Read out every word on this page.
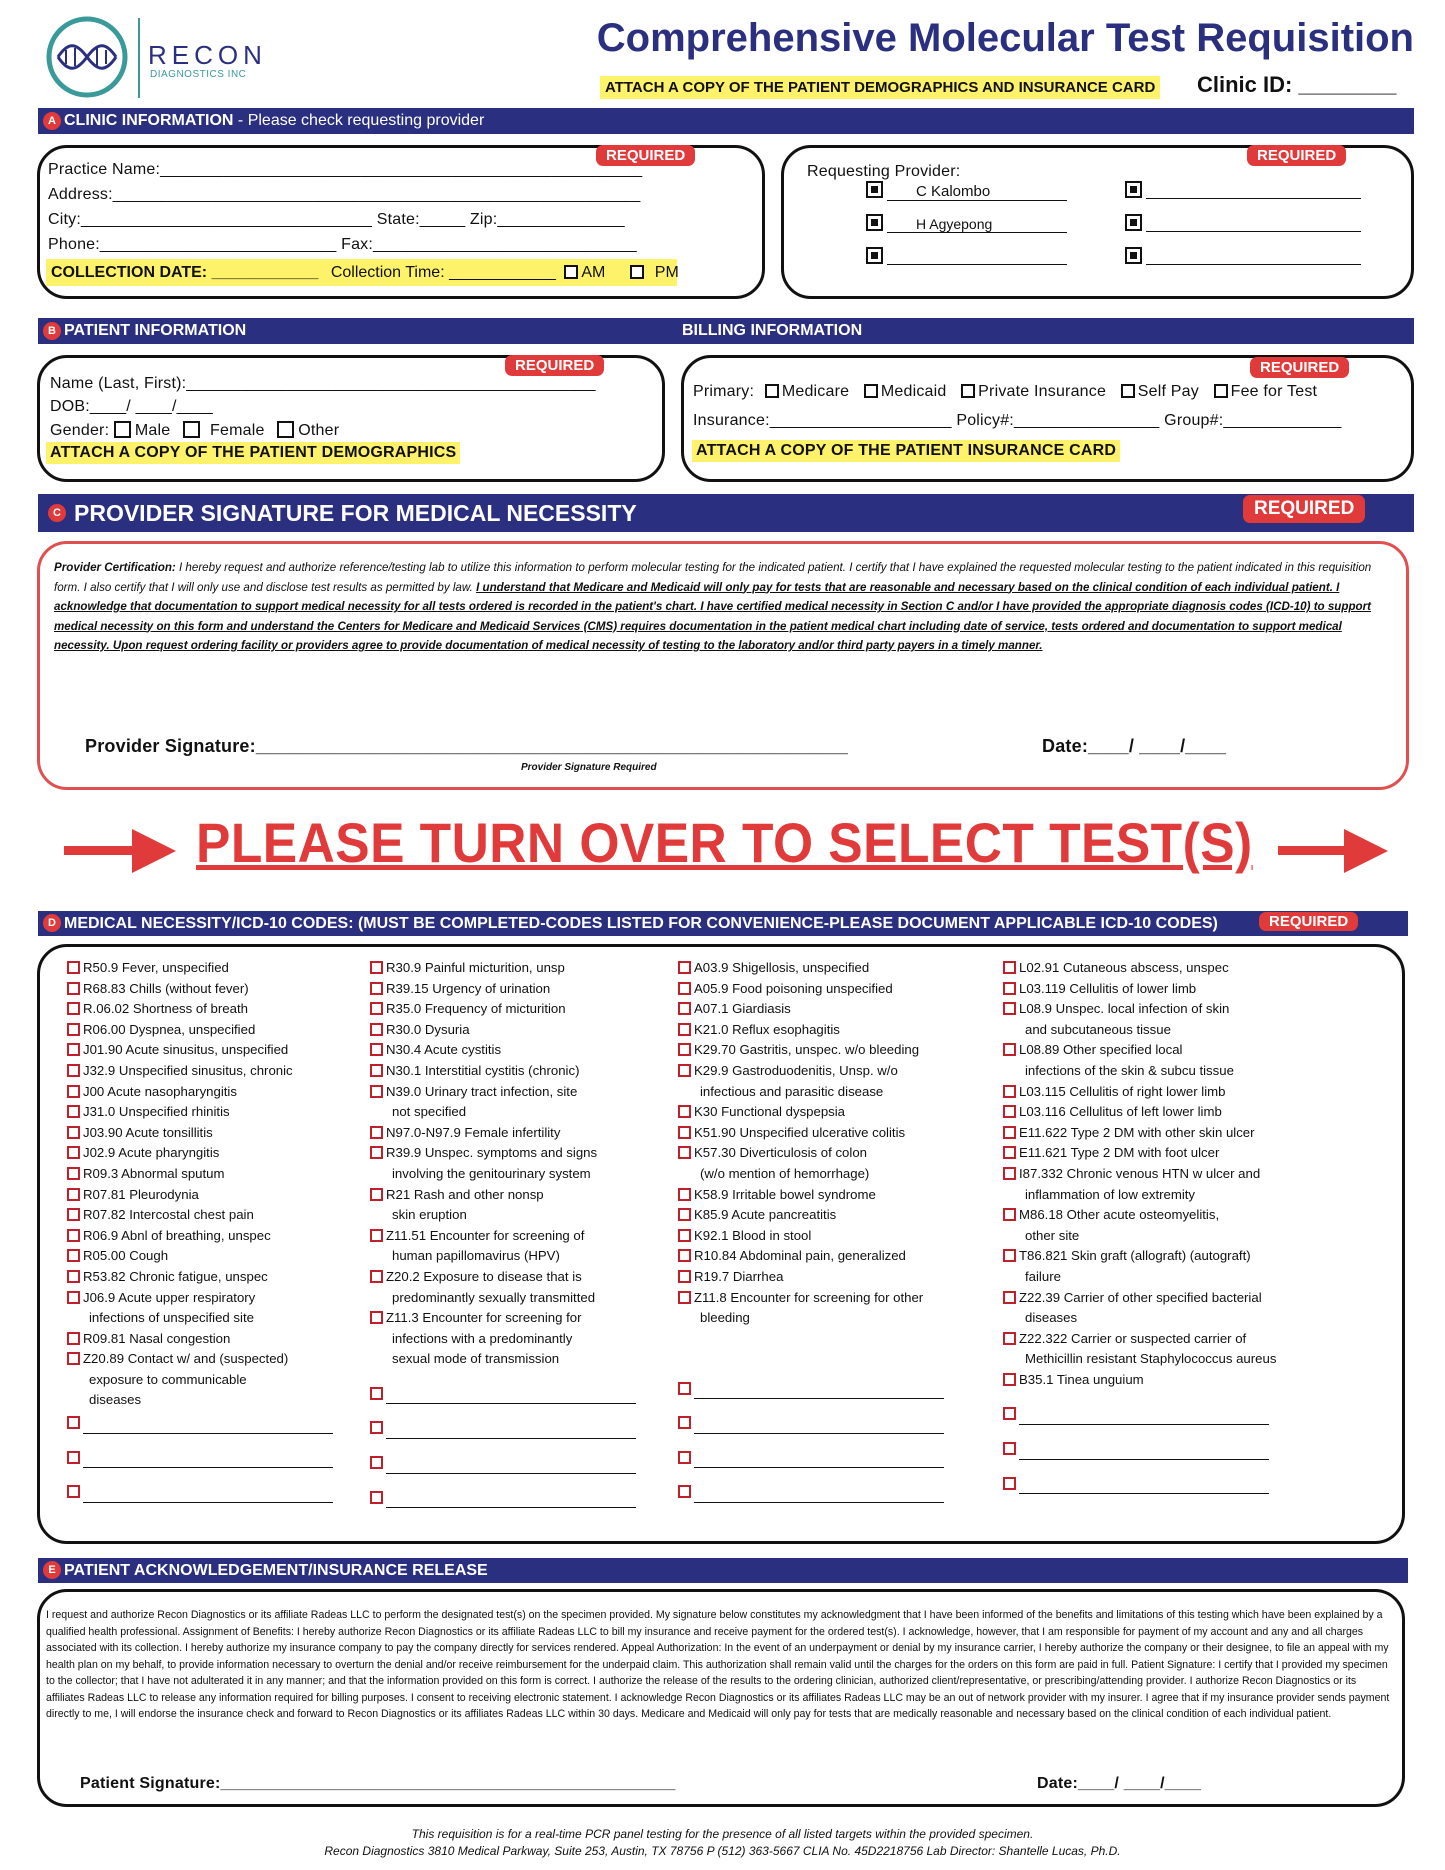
RECON
DIAGNOSTICS INC
Comprehensive Molecular Test Requisition
ATTACH A COPY OF THE PATIENT DEMOGRAPHICS AND INSURANCE CARD Clinic ID: ________
A CLINIC INFORMATION - Please check requesting provider
REQUIRED
Practice Name:_____________________________________________________
Address:__________________________________________________________
City:________________________________ State:_____ Zip:______________
Phone:__________________________ Fax:_____________________________
COLLECTION DATE: ____________ Collection Time: ____________ AM	PM
REQUIRED
Requesting Provider:
C Kalombo
H Agyepong
B PATIENT INFORMATION	BILLING INFORMATION
REQUIRED
Name (Last, First):_____________________________________________
DOB:____/ ____/____
Gender: Male Female Other
ATTACH A COPY OF THE PATIENT DEMOGRAPHICS
REQUIRED
Primary: Medicare Medicaid Private Insurance Self Pay Fee for Test
Insurance:____________________ Policy#:________________ Group#:_____________
ATTACH A COPY OF THE PATIENT INSURANCE CARD
C PROVIDER SIGNATURE FOR MEDICAL NECESSITY	REQUIRED
Provider Certification: I hereby request and authorize reference/testing lab to utilize this information to perform molecular testing for the indicated patient. I certify that I have explained the requested molecular testing to the patient indicated in this requisition form. I also certify that I will only use and disclose test results as permitted by law. I understand that Medicare and Medicaid will only pay for tests that are reasonable and necessary based on the clinical condition of each individual patient. I acknowledge that documentation to support medical necessity for all tests ordered is recorded in the patient's chart. I have certified medical necessity in Section C and/or I have provided the appropriate diagnosis codes (ICD-10) to support medical necessity on this form and understand the Centers for Medicare and Medicaid Services (CMS) requires documentation in the patient medical chart including date of service, tests ordered and documentation to support medical necessity. Upon request ordering facility or providers agree to provide documentation of medical necessity of testing to the laboratory and/or third party payers in a timely manner.
Provider Signature:__________________________________________________________	Date:____/ ____/____
Provider Signature Required
PLEASE TURN OVER TO SELECT TEST(S)
D MEDICAL NECESSITY/ICD-10 CODES: (MUST BE COMPLETED-CODES LISTED FOR CONVENIENCE-PLEASE DOCUMENT APPLICABLE ICD-10 CODES)	REQUIRED
R50.9 Fever, unspecified
R68.83 Chills (without fever)
R.06.02 Shortness of breath
R06.00 Dyspnea, unspecified
J01.90 Acute sinusitus, unspecified
J32.9 Unspecified sinusitus, chronic
J00 Acute nasopharyngitis
J31.0 Unspecified rhinitis
J03.90 Acute tonsillitis
J02.9 Acute pharyngitis
R09.3 Abnormal sputum
R07.81 Pleurodynia
R07.82 Intercostal chest pain
R06.9 Abnl of breathing, unspec
R05.00 Cough
R53.82 Chronic fatigue, unspec
J06.9 Acute upper respiratory
infections of unspecified site
R09.81 Nasal congestion
Z20.89 Contact w/ and (suspected)
exposure to communicable
diseases
R30.9 Painful micturition, unsp
R39.15 Urgency of urination
R35.0 Frequency of micturition
R30.0 Dysuria
N30.4 Acute cystitis
N30.1 Interstitial cystitis (chronic)
N39.0 Urinary tract infection, site
not specified
N97.0-N97.9 Female infertility
R39.9 Unspec. symptoms and signs
involving the genitourinary system
R21 Rash and other nonsp
skin eruption
Z11.51 Encounter for screening of
human papillomavirus (HPV)
Z20.2 Exposure to disease that is
predominantly sexually transmitted
Z11.3 Encounter for screening for
infections with a predominantly
sexual mode of transmission
A03.9 Shigellosis, unspecified
A05.9 Food poisoning unspecified
A07.1 Giardiasis
K21.0 Reflux esophagitis
K29.70 Gastritis, unspec. w/o bleeding
K29.9 Gastroduodenitis, Unsp. w/o
infectious and parasitic disease
K30 Functional dyspepsia
K51.90 Unspecified ulcerative colitis
K57.30 Diverticulosis of colon
(w/o mention of hemorrhage)
K58.9 Irritable bowel syndrome
K85.9 Acute pancreatitis
K92.1 Blood in stool
R10.84 Abdominal pain, generalized
R19.7 Diarrhea
Z11.8 Encounter for screening for other
bleeding
L02.91 Cutaneous abscess, unspec
L03.119 Cellulitis of lower limb
L08.9 Unspec. local infection of skin
and subcutaneous tissue
L08.89 Other specified local
infections of the skin & subcu tissue
L03.115 Cellulitis of right lower limb
L03.116 Cellulitus of left lower limb
E11.622 Type 2 DM with other skin ulcer
E11.621 Type 2 DM with foot ulcer
I87.332 Chronic venous HTN w ulcer and
inflammation of low extremity
M86.18 Other acute osteomyelitis,
other site
T86.821 Skin graft (allograft) (autograft)
failure
Z22.39 Carrier of other specified bacterial
diseases
Z22.322 Carrier or suspected carrier of
Methicillin resistant Staphylococcus aureus
B35.1 Tinea unguium
E PATIENT ACKNOWLEDGEMENT/INSURANCE RELEASE
I request and authorize Recon Diagnostics or its affiliate Radeas LLC to perform the designated test(s) on the specimen provided. My signature below constitutes my acknowledgment that I have been informed of the benefits and limitations of this testing which have been explained by a qualified health professional. Assignment of Benefits: I hereby authorize Recon Diagnostics or its affiliate Radeas LLC to bill my insurance and receive payment for the ordered test(s). I acknowledge, however, that I am responsible for payment of my account and any and all charges associated with its collection. I hereby authorize my insurance company to pay the company directly for services rendered. Appeal Authorization: In the event of an underpayment or denial by my insurance carrier, I hereby authorize the company or their designee, to file an appeal with my health plan on my behalf, to provide information necessary to overturn the denial and/or receive reimbursement for the underpaid claim. This authorization shall remain valid until the charges for the orders on this form are paid in full. Patient Signature: I certify that I provided my specimen to the collector; that I have not adulterated it in any manner; and that the information provided on this form is correct. I authorize the release of the results to the ordering clinician, authorized client/representative, or prescribing/attending provider. I authorize Recon Diagnostics or its affiliates Radeas LLC to release any information required for billing purposes. I consent to receiving electronic statement. I acknowledge Recon Diagnostics or its affiliates Radeas LLC may be an out of network provider with my insurer. I agree that if my insurance provider sends payment directly to me, I will endorse the insurance check and forward to Recon Diagnostics or its affiliates Radeas LLC within 30 days. Medicare and Medicaid will only pay for tests that are medically reasonable and necessary based on the clinical condition of each individual patient.
Patient Signature:__________________________________________________	Date:____/ ____/____
This requisition is for a real-time PCR panel testing for the presence of all listed targets within the provided specimen.
Recon Diagnostics 3810 Medical Parkway, Suite 253, Austin, TX 78756 P (512) 363-5667 CLIA No. 45D2218756 Lab Director: Shantelle Lucas, Ph.D.
